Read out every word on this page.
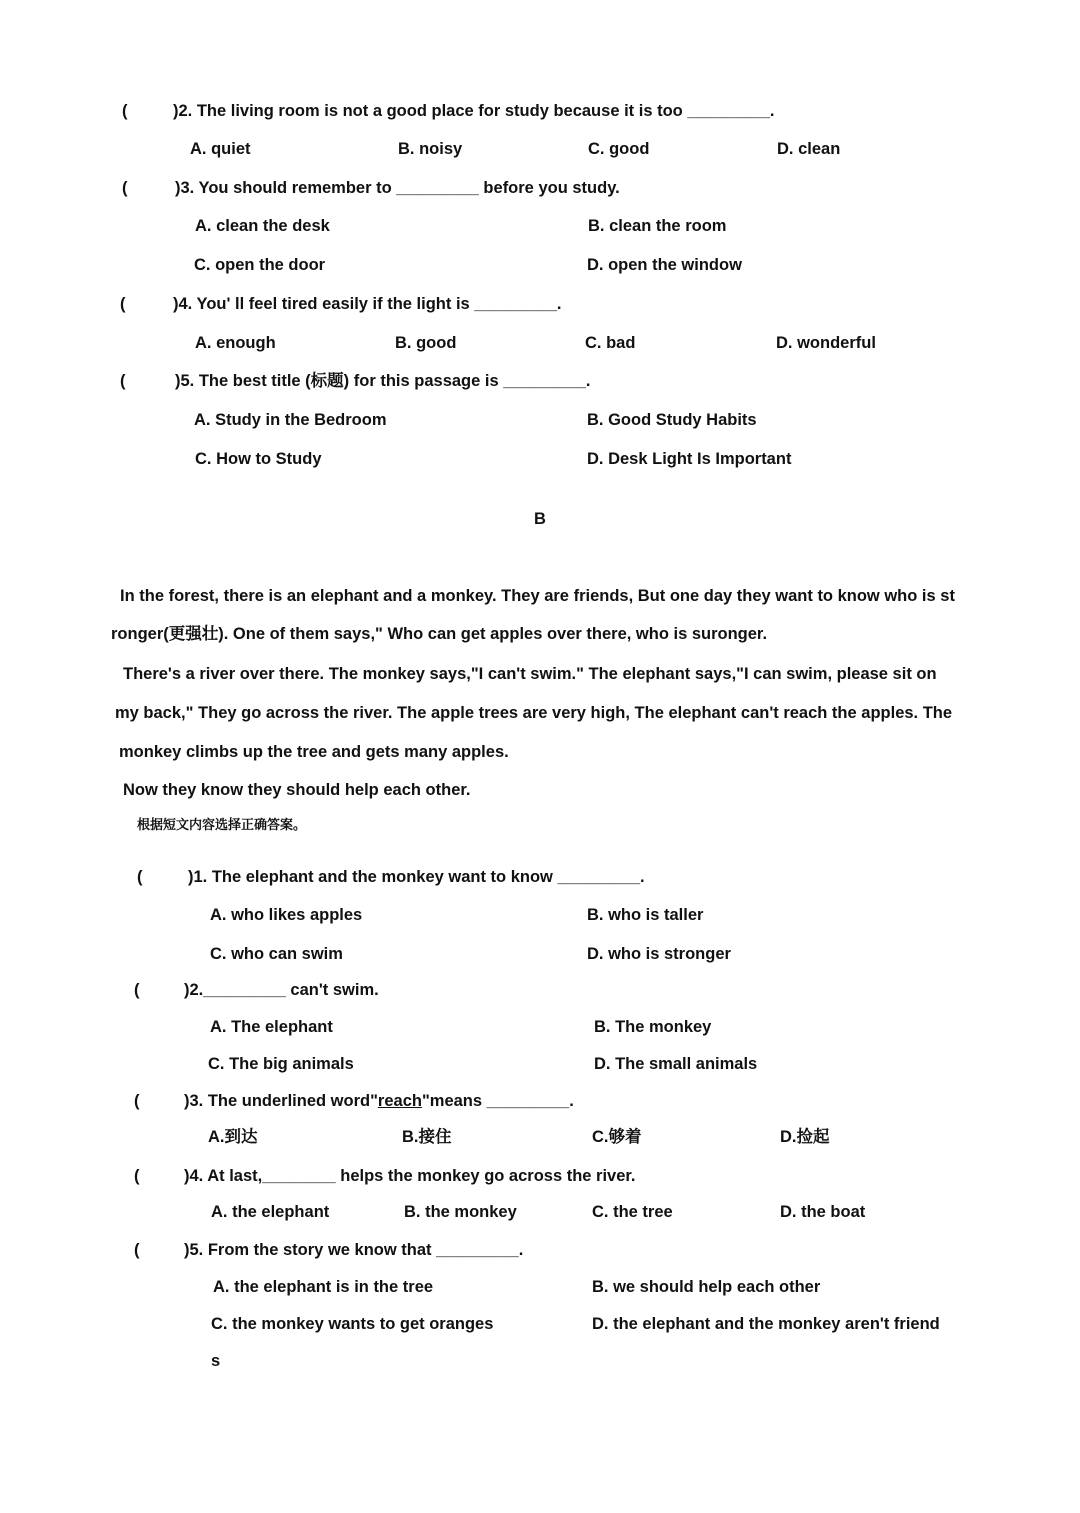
(	)2. The living room is not a good place for study because it is too _________.
A. quiet	B. noisy	C. good	D. clean
(	)3. You should remember to _________ before you study.
A. clean the desk	B. clean the room
C. open the door	D. open the window
(	)4. You' ll feel tired easily if the light is _________.
A. enough	B. good	C. bad	D. wonderful
(	)5. The best title (标题) for this passage is _________.
A. Study in the Bedroom	B. Good Study Habits
C. How to Study	D. Desk Light Is Important
B
In the forest, there is an elephant and a monkey. They are friends, But one day they want to know who is st
ronger(更强壮). One of them says," Who can get apples over there, who is suronger.
There's a river over there. The monkey says,"I can't swim." The elephant says,"I can swim, please sit on
my back," They go across the river. The apple trees are very high, The elephant can't reach the apples. The
monkey climbs up the tree and gets many apples.
Now they know they should help each other.
根据短文内容选择正确答案。
(	)1. The elephant and the monkey want to know _________.
A. who likes apples	B. who is taller
C. who can swim	D. who is stronger
(	)2._________ can't swim.
A. The elephant	B. The monkey
C. The big animals	D. The small animals
(	)3. The underlined word"reach"means _________.
A.到达	B.接住	C.够着	D.捡起
(	)4. At last,________ helps the monkey go across the river.
A. the elephant	B. the monkey	C. the tree	D. the boat
(	)5. From the story we know that _________.
A. the elephant is in the tree	B. we should help each other
C. the monkey wants to get oranges	D. the elephant and the monkey aren't friend
s
